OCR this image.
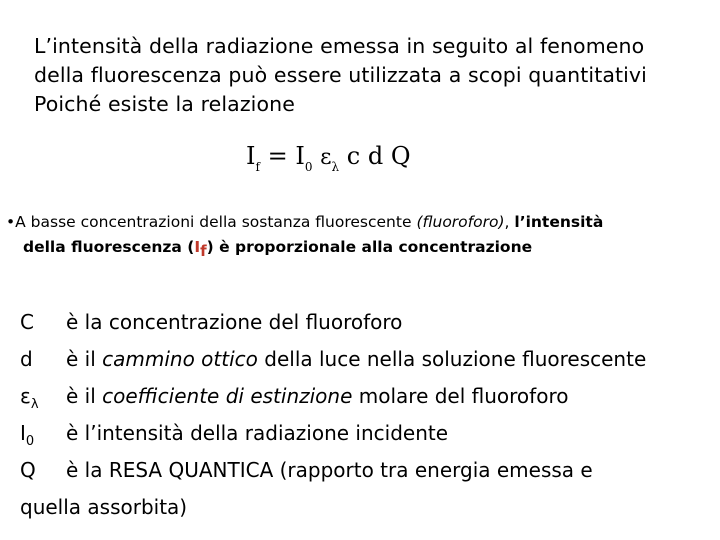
L’intensità della radiazione emessa in seguito al fenomeno
della fluorescenza può essere utilizzata a scopi quantitativi
Poiché esiste la relazione
$I_f = I_0$ $\varepsilon_\lambda$ c d Q
•A basse concentrazioni della sostanza fluorescente (fluoroforo), l’intensità
della fluorescenza $(I_f)$ è proporzionale alla concentrazione
C è la concentrazione del fluoroforo
d è il cammino ottico della luce nella soluzione fluorescente
$\varepsilon_\lambda$ è il coefficiente di estinzione molare del fluoroforo
$I_0$ è l’intensità della radiazione incidente
Q è la RESA QUANTICA (rapporto tra energia emessa e
quella assorbita)
